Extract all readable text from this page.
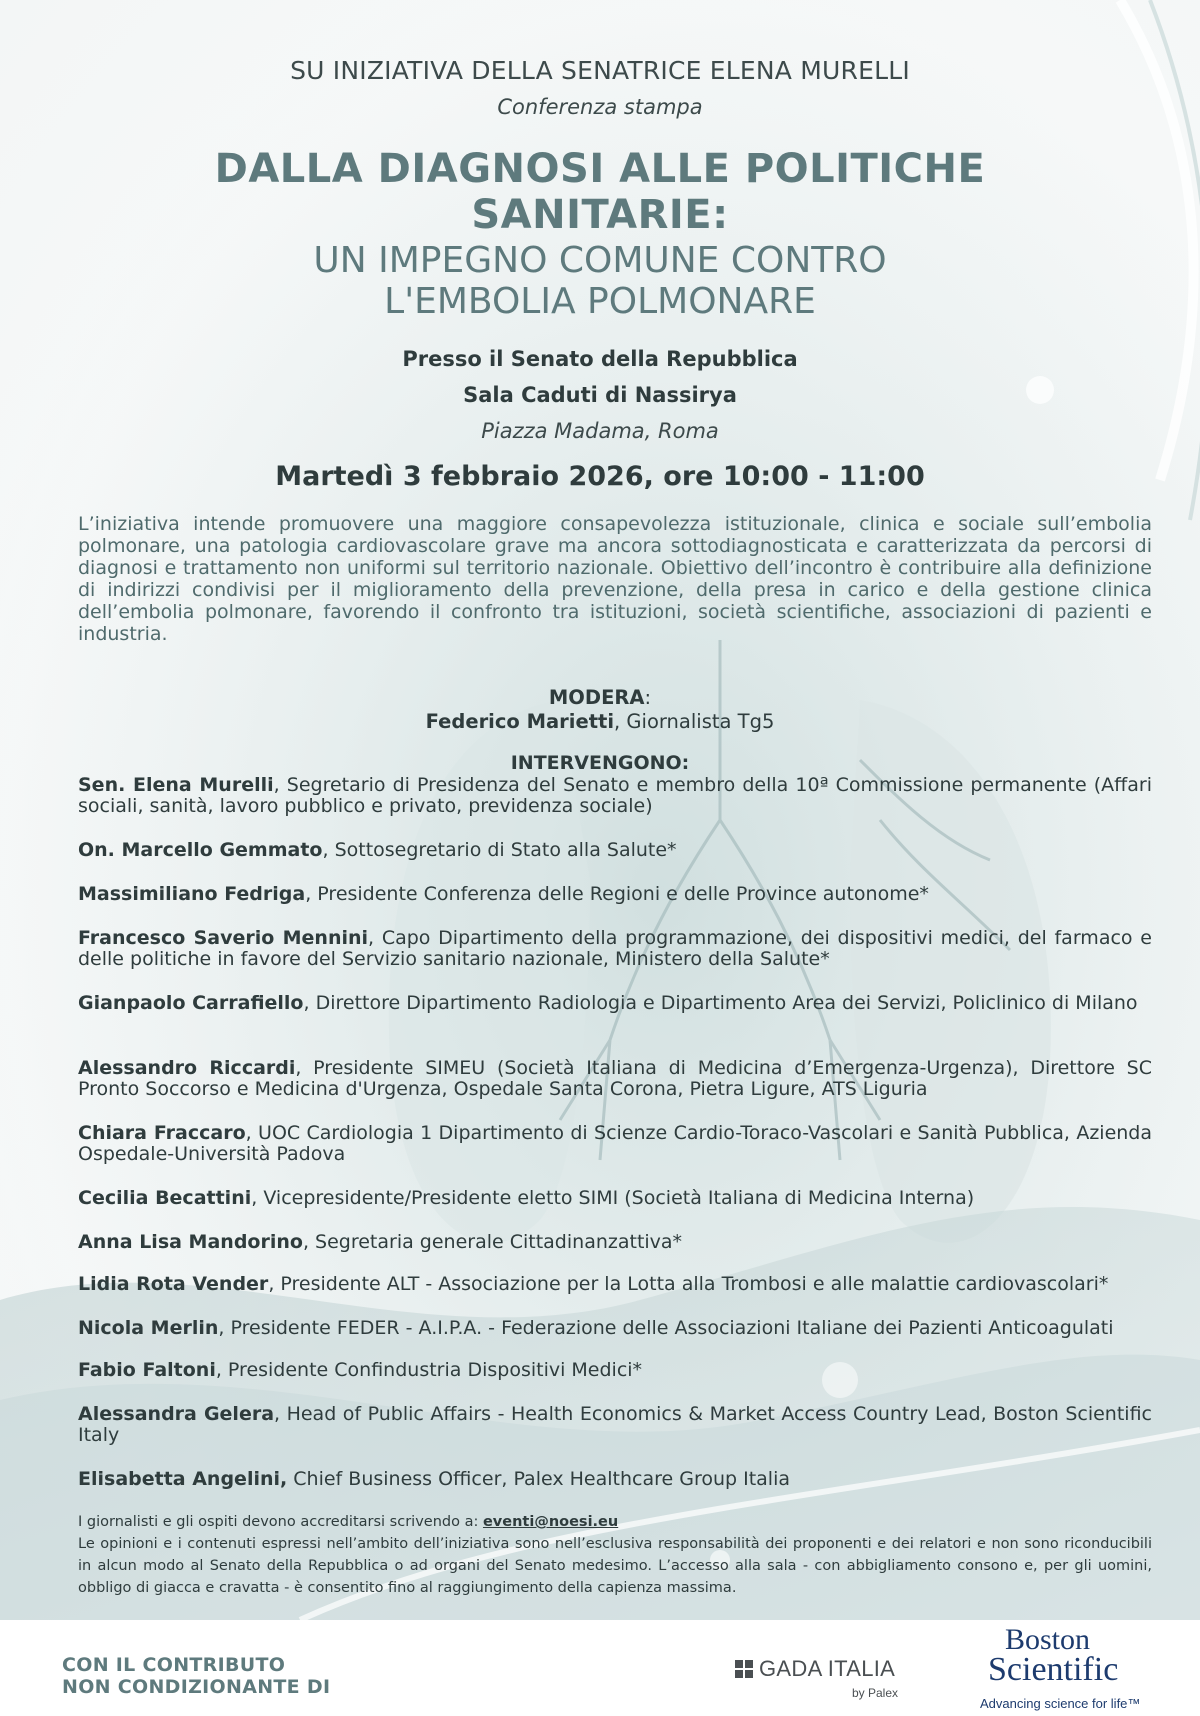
SU INIZIATIVA DELLA SENATRICE ELENA MURELLI
Conferenza stampa
DALLA DIAGNOSI ALLE POLITICHE
SANITARIE:
UN IMPEGNO COMUNE CONTRO
L'EMBOLIA POLMONARE
Presso il Senato della Repubblica
Sala Caduti di Nassirya
Piazza Madama, Roma
Martedì 3 febbraio 2026, ore 10:00 - 11:00
L’iniziativa intende promuovere una maggiore consapevolezza istituzionale, clinica e sociale sull’embolia polmonare, una patologia cardiovascolare grave ma ancora sottodiagnosticata e caratterizzata da percorsi di diagnosi e trattamento non uniformi sul territorio nazionale. Obiettivo dell’incontro è contribuire alla definizione di indirizzi condivisi per il miglioramento della prevenzione, della presa in carico e della gestione clinica dell’embolia polmonare, favorendo il confronto tra istituzioni, società scientifiche, associazioni di pazienti e industria.
MODERA:
Federico Marietti, Giornalista Tg5
INTERVENGONO:
Sen. Elena Murelli, Segretario di Presidenza del Senato e membro della 10ª Commissione permanente (Affari sociali, sanità, lavoro pubblico e privato, previdenza sociale)
On. Marcello Gemmato, Sottosegretario di Stato alla Salute*
Massimiliano Fedriga, Presidente Conferenza delle Regioni e delle Province autonome*
Francesco Saverio Mennini, Capo Dipartimento della programmazione, dei dispositivi medici, del farmaco e delle politiche in favore del Servizio sanitario nazionale, Ministero della Salute*
Gianpaolo Carrafiello, Direttore Dipartimento Radiologia e Dipartimento Area dei Servizi, Policlinico di Milano
Alessandro Riccardi, Presidente SIMEU (Società Italiana di Medicina d’Emergenza-Urgenza), Direttore SC Pronto Soccorso e Medicina d'Urgenza, Ospedale Santa Corona, Pietra Ligure, ATS Liguria
Chiara Fraccaro, UOC Cardiologia 1 Dipartimento di Scienze Cardio-Toraco-Vascolari e Sanità Pubblica, Azienda Ospedale-Università Padova
Cecilia Becattini, Vicepresidente/Presidente eletto SIMI (Società Italiana di Medicina Interna)
Anna Lisa Mandorino, Segretaria generale Cittadinanzattiva*
Lidia Rota Vender, Presidente ALT - Associazione per la Lotta alla Trombosi e alle malattie cardiovascolari*
Nicola Merlin, Presidente FEDER - A.I.P.A. - Federazione delle Associazioni Italiane dei Pazienti Anticoagulati
Fabio Faltoni, Presidente Confindustria Dispositivi Medici*
Alessandra Gelera, Head of Public Affairs - Health Economics & Market Access Country Lead, Boston Scientific Italy
Elisabetta Angelini, Chief Business Officer, Palex Healthcare Group Italia
I giornalisti e gli ospiti devono accreditarsi scrivendo a: eventi@noesi.eu
Le opinioni e i contenuti espressi nell’ambito dell’iniziativa sono nell’esclusiva responsabilità dei proponenti e dei relatori e non sono riconducibili in alcun modo al Senato della Repubblica o ad organi del Senato medesimo. L’accesso alla sala - con abbigliamento consono e, per gli uomini, obbligo di giacca e cravatta - è consentito fino al raggiungimento della capienza massima.
CON IL CONTRIBUTO
NON CONDIZIONANTE DI
GADA ITALIA
by Palex
Boston
Scientific
Advancing science for life™
